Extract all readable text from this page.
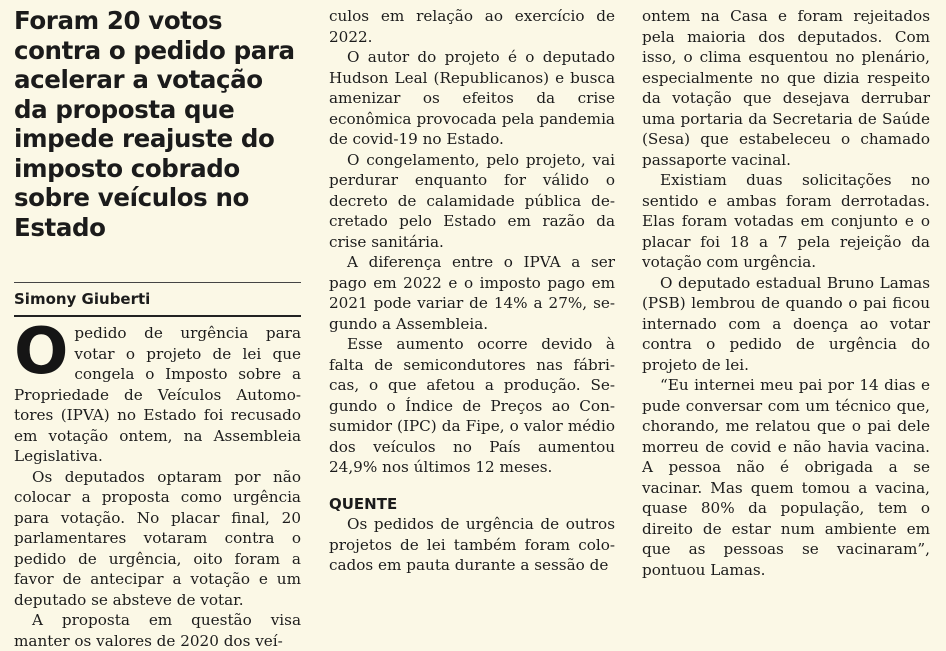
Foram 20 votos contra o pedido para acelerar a votação da proposta que impede reajuste do imposto cobrado sobre veículos no Estado
Simony Giuberti

O pedido de urgência para votar o projeto de lei que congela o Imposto sobre a Propriedade de Veículos Automotores (IPVA) no Estado foi recusado em votação ontem, na Assembleia Legislativa.

Os deputados optaram por não colocar a proposta como urgência para votação. No placar final, 20 parlamentares votaram contra o pedido de urgência, oito foram a favor de antecipar a votação e um deputado se absteve de votar.

A proposta em questão visa manter os valores de 2020 dos veí-

culos em relação ao exercício de 2022.

O autor do projeto é o deputado Hudson Leal (Republicanos) e busca amenizar os efeitos da crise econômica provocada pela pandemia de covid-19 no Estado.

O congelamento, pelo projeto, vai perdurar enquanto for válido o decreto de calamidade pública decretado pelo Estado em razão da crise sanitária.

A diferença entre o IPVA a ser pago em 2022 e o imposto pago em 2021 pode variar de 14% a 27%, segundo a Assembleia.

Esse aumento ocorre devido à falta de semicondutores nas fábricas, o que afetou a produção. Segundo o Índice de Preços ao Consumidor (IPC) da Fipe, o valor médio dos veículos no País aumentou 24,9% nos últimos 12 meses.

QUENTE

Os pedidos de urgência de outros projetos de lei também foram colocados em pauta durante a sessão de

ontem na Casa e foram rejeitados pela maioria dos deputados. Com isso, o clima esquentou no plenário, especialmente no que dizia respeito da votação que desejava derrubar uma portaria da Secretaria de Saúde (Sesa) que estabeleceu o chamado passaporte vacinal.

Existiam duas solicitações no sentido e ambas foram derrotadas. Elas foram votadas em conjunto e o placar foi 18 a 7 pela rejeição da votação com urgência.

O deputado estadual Bruno Lamas (PSB) lembrou de quando o pai ficou internado com a doença ao votar contra o pedido de urgência do projeto de lei.

“Eu internei meu pai por 14 dias e pude conversar com um técnico que, chorando, me relatou que o pai dele morreu de covid e não havia vacina. A pessoa não é obrigada a se vacinar. Mas quem tomou a vacina, quase 80% da população, tem o direito de estar num ambiente em que as pessoas se vacinaram”, pontuou Lamas.
